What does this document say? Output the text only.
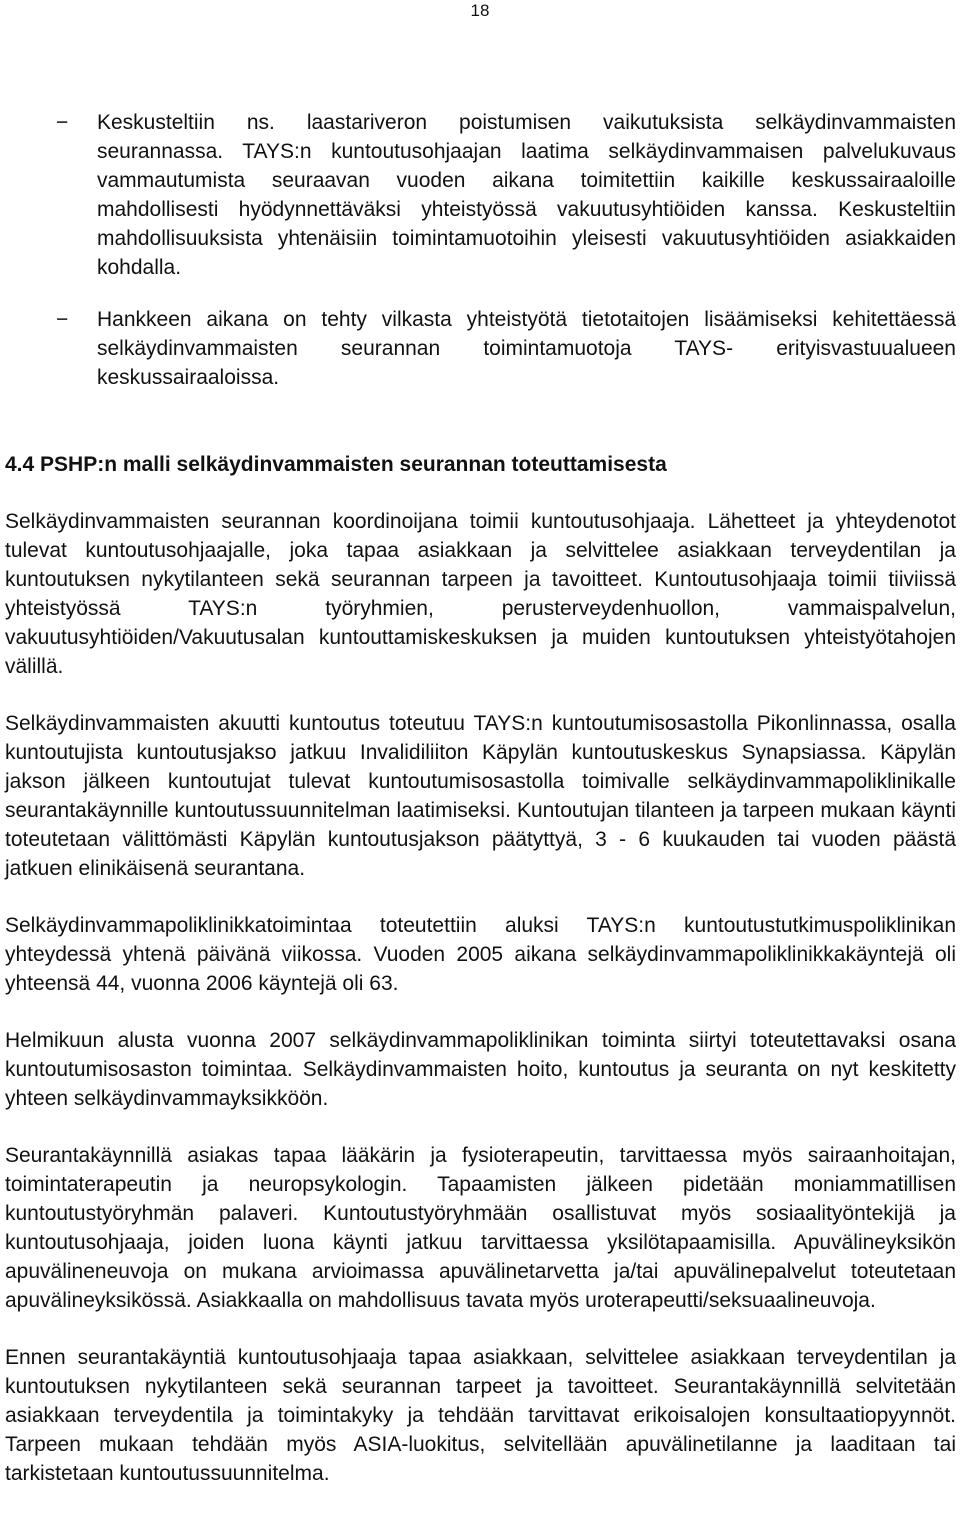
18
− Keskusteltiin ns. laastariveron poistumisen vaikutuksista selkäydinvammaisten seurannassa. TAYS:n kuntoutusohjaajan laatima selkäydinvammaisen palvelukuvaus vammautumista seuraavan vuoden aikana toimitettiin kaikille keskussairaaloille mahdollisesti hyödynnettäväksi yhteistyössä vakuutusyhtiöiden kanssa. Keskusteltiin mahdollisuuksista yhtenäisiin toimintamuotoihin yleisesti vakuutusyhtiöiden asiakkaiden kohdalla.
− Hankkeen aikana on tehty vilkasta yhteistyötä tietotaitojen lisäämiseksi kehitettäessä selkäydinvammaisten seurannan toimintamuotoja TAYS- erityisvastuualueen keskussairaaloissa.
4.4 PSHP:n malli selkäydinvammaisten seurannan toteuttamisesta

Selkäydinvammaisten seurannan koordinoijana toimii kuntoutusohjaaja. Lähetteet ja yhteydenotot tulevat kuntoutusohjaajalle, joka tapaa asiakkaan ja selvittelee asiakkaan terveydentilan ja kuntoutuksen nykytilanteen sekä seurannan tarpeen ja tavoitteet. Kuntoutusohjaaja toimii tiiviissä yhteistyössä TAYS:n työryhmien, perusterveydenhuollon, vammaispalvelun, vakuutusyhtiöiden/Vakuutusalan kuntouttamiskeskuksen ja muiden kuntoutuksen yhteistyötahojen välillä.

Selkäydinvammaisten akuutti kuntoutus toteutuu TAYS:n kuntoutumisosastolla Pikonlinnassa, osalla kuntoutujista kuntoutusjakso jatkuu Invalidiliiton Käpylän kuntoutuskeskus Synapsiassa. Käpylän jakson jälkeen kuntoutujat tulevat kuntoutumisosastolla toimivalle selkäydinvammapoliklinikalle seurantakäynnille kuntoutussuunnitelman laatimiseksi. Kuntoutujan tilanteen ja tarpeen mukaan käynti toteutetaan välittömästi Käpylän kuntoutusjakson päätyttyä, 3 - 6 kuukauden tai vuoden päästä jatkuen elinikäisenä seurantana.

Selkäydinvammapoliklinikkatoimintaa toteutettiin aluksi TAYS:n kuntoutustutkimuspoliklinikan yhteydessä yhtenä päivänä viikossa. Vuoden 2005 aikana selkäydinvammapoliklinikkakäyntejä oli yhteensä 44, vuonna 2006 käyntejä oli 63.

Helmikuun alusta vuonna 2007 selkäydinvammapoliklinikan toiminta siirtyi toteutettavaksi osana kuntoutumisosaston toimintaa. Selkäydinvammaisten hoito, kuntoutus ja seuranta on nyt keskitetty yhteen selkäydinvammayksikköön.

Seurantakäynnillä asiakas tapaa lääkärin ja fysioterapeutin, tarvittaessa myös sairaanhoitajan, toimintaterapeutin ja neuropsykologin. Tapaamisten jälkeen pidetään moniammatillisen kuntoutustyöryhmän palaveri. Kuntoutustyöryhmään osallistuvat myös sosiaalityöntekijä ja kuntoutusohjaaja, joiden luona käynti jatkuu tarvittaessa yksilötapaamisilla. Apuvälineyksikön apuvälineneuvoja on mukana arvioimassa apuvälinetarvetta ja/tai apuvälinepalvelut toteutetaan apuvälineyksikössä. Asiakkaalla on mahdollisuus tavata myös uroterapeutti/seksuaalineuvoja.

Ennen seurantakäyntiä kuntoutusohjaaja tapaa asiakkaan, selvittelee asiakkaan terveydentilan ja kuntoutuksen nykytilanteen sekä seurannan tarpeet ja tavoitteet. Seurantakäynnillä selvitetään asiakkaan terveydentila ja toimintakyky ja tehdään tarvittavat erikoisalojen konsultaatiopyynnöt. Tarpeen mukaan tehdään myös ASIA-luokitus, selvitellään apuvälinetilanne ja laaditaan tai tarkistetaan kuntoutussuunnitelma.
